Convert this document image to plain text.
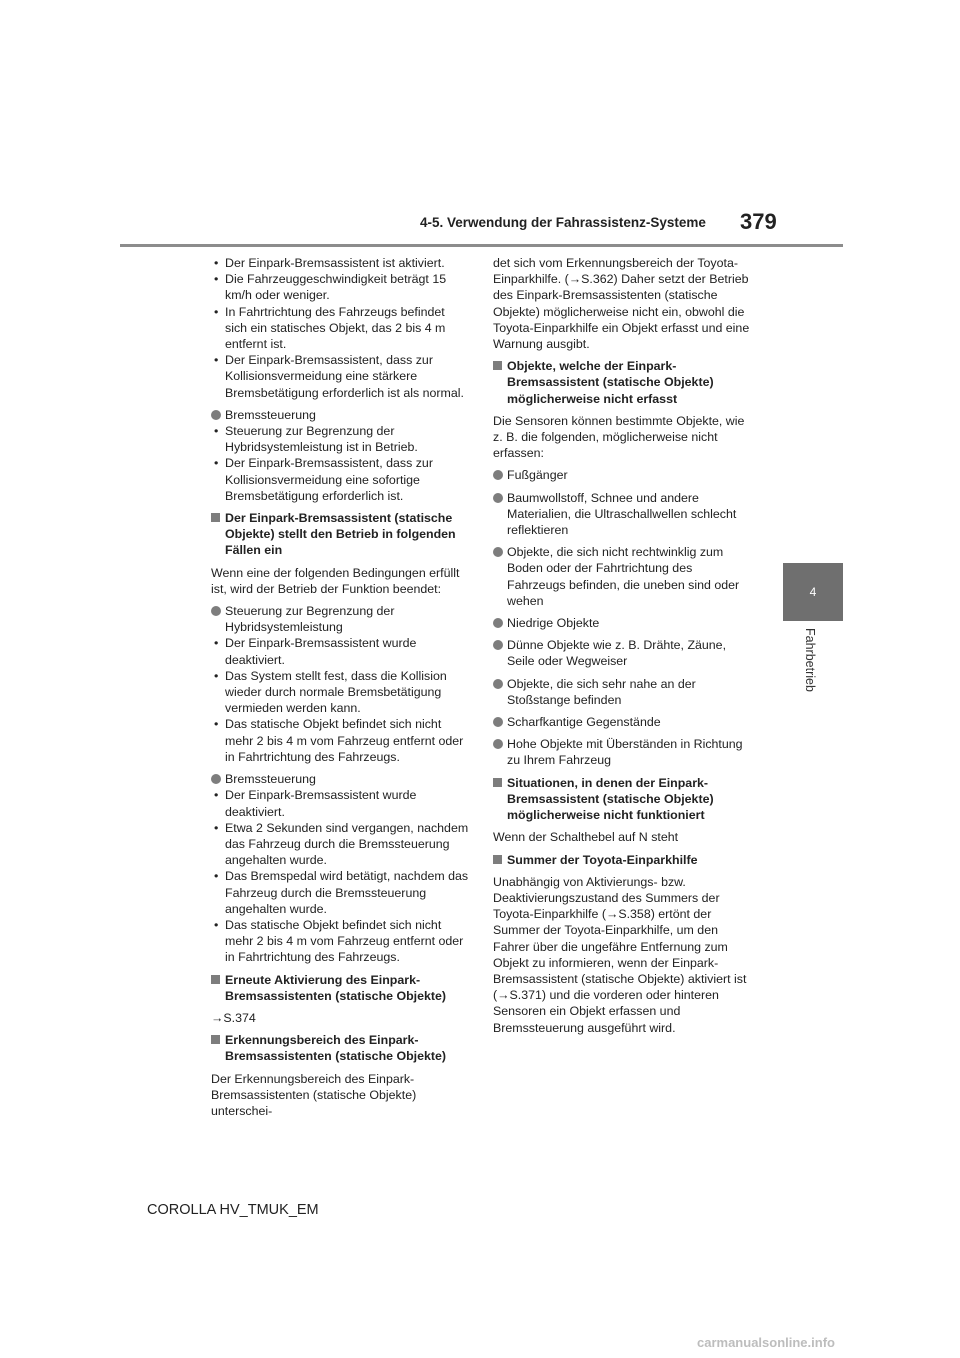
4-5. Verwendung der Fahrassistenz-Systeme 379
4
Fahrbetrieb
• Der Einpark-Bremsassistent ist aktiviert.
• Die Fahrzeuggeschwindigkeit beträgt 15 km/h oder weniger.
• In Fahrtrichtung des Fahrzeugs befindet sich ein statisches Objekt, das 2 bis 4 m entfernt ist.
• Der Einpark-Bremsassistent, dass zur Kollisionsvermeidung eine stärkere Bremsbetätigung erforderlich ist als normal.
Bremssteuerung
• Steuerung zur Begrenzung der Hybridsystemleistung ist in Betrieb.
• Der Einpark-Bremsassistent, dass zur Kollisionsvermeidung eine sofortige Bremsbetätigung erforderlich ist.
Der Einpark-Bremsassistent (statische Objekte) stellt den Betrieb in folgenden Fällen ein

Wenn eine der folgenden Bedingungen erfüllt ist, wird der Betrieb der Funktion beendet:

Steuerung zur Begrenzung der Hybridsystemleistung
• Der Einpark-Bremsassistent wurde deaktiviert.
• Das System stellt fest, dass die Kollision wieder durch normale Bremsbetätigung vermieden werden kann.
• Das statische Objekt befindet sich nicht mehr 2 bis 4 m vom Fahrzeug entfernt oder in Fahrtrichtung des Fahrzeugs.
Bremssteuerung
• Der Einpark-Bremsassistent wurde deaktiviert.
• Etwa 2 Sekunden sind vergangen, nachdem das Fahrzeug durch die Bremssteuerung angehalten wurde.
• Das Bremspedal wird betätigt, nachdem das Fahrzeug durch die Bremssteuerung angehalten wurde.
• Das statische Objekt befindet sich nicht mehr 2 bis 4 m vom Fahrzeug entfernt oder in Fahrtrichtung des Fahrzeugs.
Erneute Aktivierung des Einpark-Bremsassistenten (statische Objekte)

→S.374

Erkennungsbereich des Einpark-Bremsassistenten (statische Objekte)

Der Erkennungsbereich des Einpark-Bremsassistenten (statische Objekte) unterschei-

det sich vom Erkennungsbereich der Toyota-Einparkhilfe. (→S.362) Daher setzt der Betrieb des Einpark-Bremsassistenten (statische Objekte) möglicherweise nicht ein, obwohl die Toyota-Einparkhilfe ein Objekt erfasst und eine Warnung ausgibt.

Objekte, welche der Einpark-Bremsassistent (statische Objekte) möglicherweise nicht erfasst

Die Sensoren können bestimmte Objekte, wie z. B. die folgenden, möglicherweise nicht erfassen:

Fußgänger
Baumwollstoff, Schnee und andere Materialien, die Ultraschallwellen schlecht reflektieren
Objekte, die sich nicht rechtwinklig zum Boden oder der Fahrtrichtung des Fahrzeugs befinden, die uneben sind oder wehen
Niedrige Objekte
Dünne Objekte wie z. B. Drähte, Zäune, Seile oder Wegweiser
Objekte, die sich sehr nahe an der Stoßstange befinden
Scharfkantige Gegenstände
Hohe Objekte mit Überständen in Richtung zu Ihrem Fahrzeug
Situationen, in denen der Einpark-Bremsassistent (statische Objekte) möglicherweise nicht funktioniert

Wenn der Schalthebel auf N steht

Summer der Toyota-Einparkhilfe

Unabhängig von Aktivierungs- bzw. Deaktivierungszustand des Summers der Toyota-Einparkhilfe (→S.358) ertönt der Summer der Toyota-Einparkhilfe, um den Fahrer über die ungefähre Entfernung zum Objekt zu informieren, wenn der Einpark-Bremsassistent (statische Objekte) aktiviert ist (→S.371) und die vorderen oder hinteren Sensoren ein Objekt erfassen und Bremssteuerung ausgeführt wird.

COROLLA HV_TMUK_EM
carmanualsonline.info
